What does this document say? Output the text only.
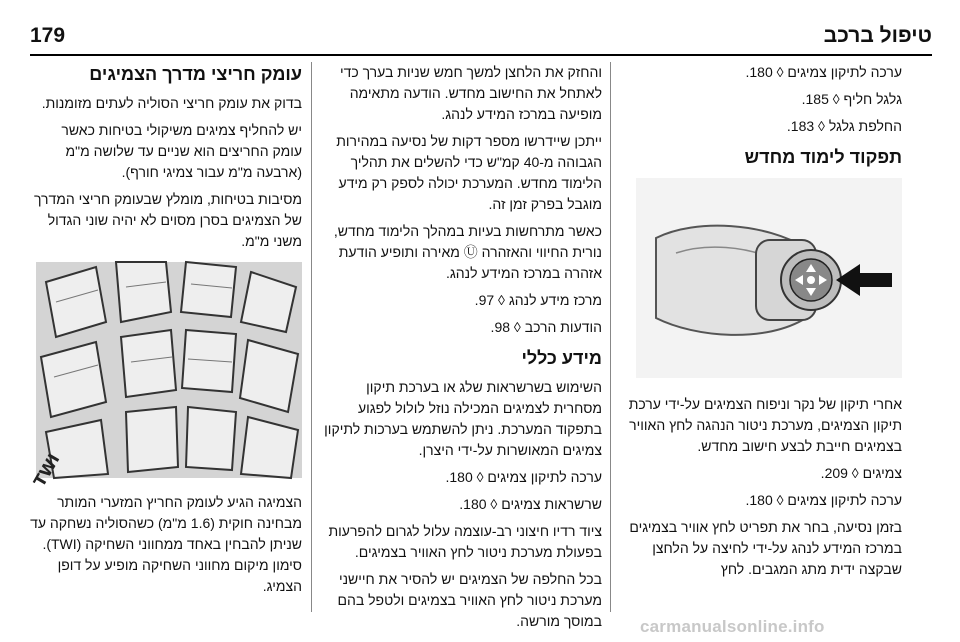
179	טיפול ברכב

ערכה לתיקון צמיגים ◊ 180.

גלגל חליף ◊ 185.

החלפת גלגל ◊ 183.

תפקוד לימוד מחדש

אחרי תיקון של נקר וניפוח הצמיגים על-ידי ערכת תיקון הצמיגים, מערכת ניטור הנהגה לחץ האוויר בצמיגים חייבת לבצע חישוב מחדש.

צמיגים ◊ 209.

ערכה לתיקון צמיגים ◊ 180.

בזמן נסיעה, בחר את תפריט לחץ אוויר בצמיגים במרכז המידע לנהג על-ידי לחיצה על הלחצן שבקצה ידית מתג המגבים. לחץ

והחזק את הלחצן למשך חמש שניות בערך כדי לאתחל את החישוב מחדש. הודעה מתאימה מופיעה במרכז המידע לנהג.

ייתכן שיידרשו מספר דקות של נסיעה במהירות הגבוהה מ-40 קמ"ש כדי להשלים את תהליך הלימוד מחדש. המערכת יכולה לספק רק מידע מוגבל בפרק זמן זה.

כאשר מתרחשות בעיות במהלך הלימוד מחדש, נורית החיווי והאזהרה Ⓤ מאירה ותופיע הודעת אזהרה במרכז המידע לנהג.

מרכז מידע לנהג ◊ 97.

הודעות הרכב ◊ 98.

מידע כללי

השימוש בשרשראות שלג או בערכת תיקון מסחרית לצמיגים המכילה נוזל לולול לפגוע בתפקוד המערכת. ניתן להשתמש בערכות לתיקון צמיגים המאושרות על-ידי היצרן.

ערכה לתיקון צמיגים ◊ 180.

שרשראות צמיגים ◊ 180.

ציוד רדיו חיצוני רב-עוצמה עלול לגרום להפרעות בפעולת מערכת ניטור לחץ האוויר בצמיגים.

בכל החלפה של הצמיגים יש להסיר את חיישני מערכת ניטור לחץ האוויר בצמיגים ולטפל בהם במוסך מורשה.

עומק חריצי מדרך הצמיגים

בדוק את עומק חריצי הסוליה לעתים מזומנות.

יש להחליף צמיגים משיקולי בטיחות כאשר עומק החריצים הוא שניים עד שלושה מ"מ (ארבעה מ"מ עבור צמיגי חורף).

מסיבות בטיחות, מומלץ שבעומק חריצי המדרך של הצמיגים בסרן מסוים לא יהיה שוני הגדול משני מ"מ.

TWI

הצמיגה הגיע לעומק החריץ המזערי המותר מבחינה חוקית (1.6 מ"מ) כשהסוליה נשחקה עד שניתן להבחין באחד ממחווני השחיקה (TWI). סימון מיקום מחווני השחיקה מופיע על דופן הצמיג.

carmanualsonline.info
